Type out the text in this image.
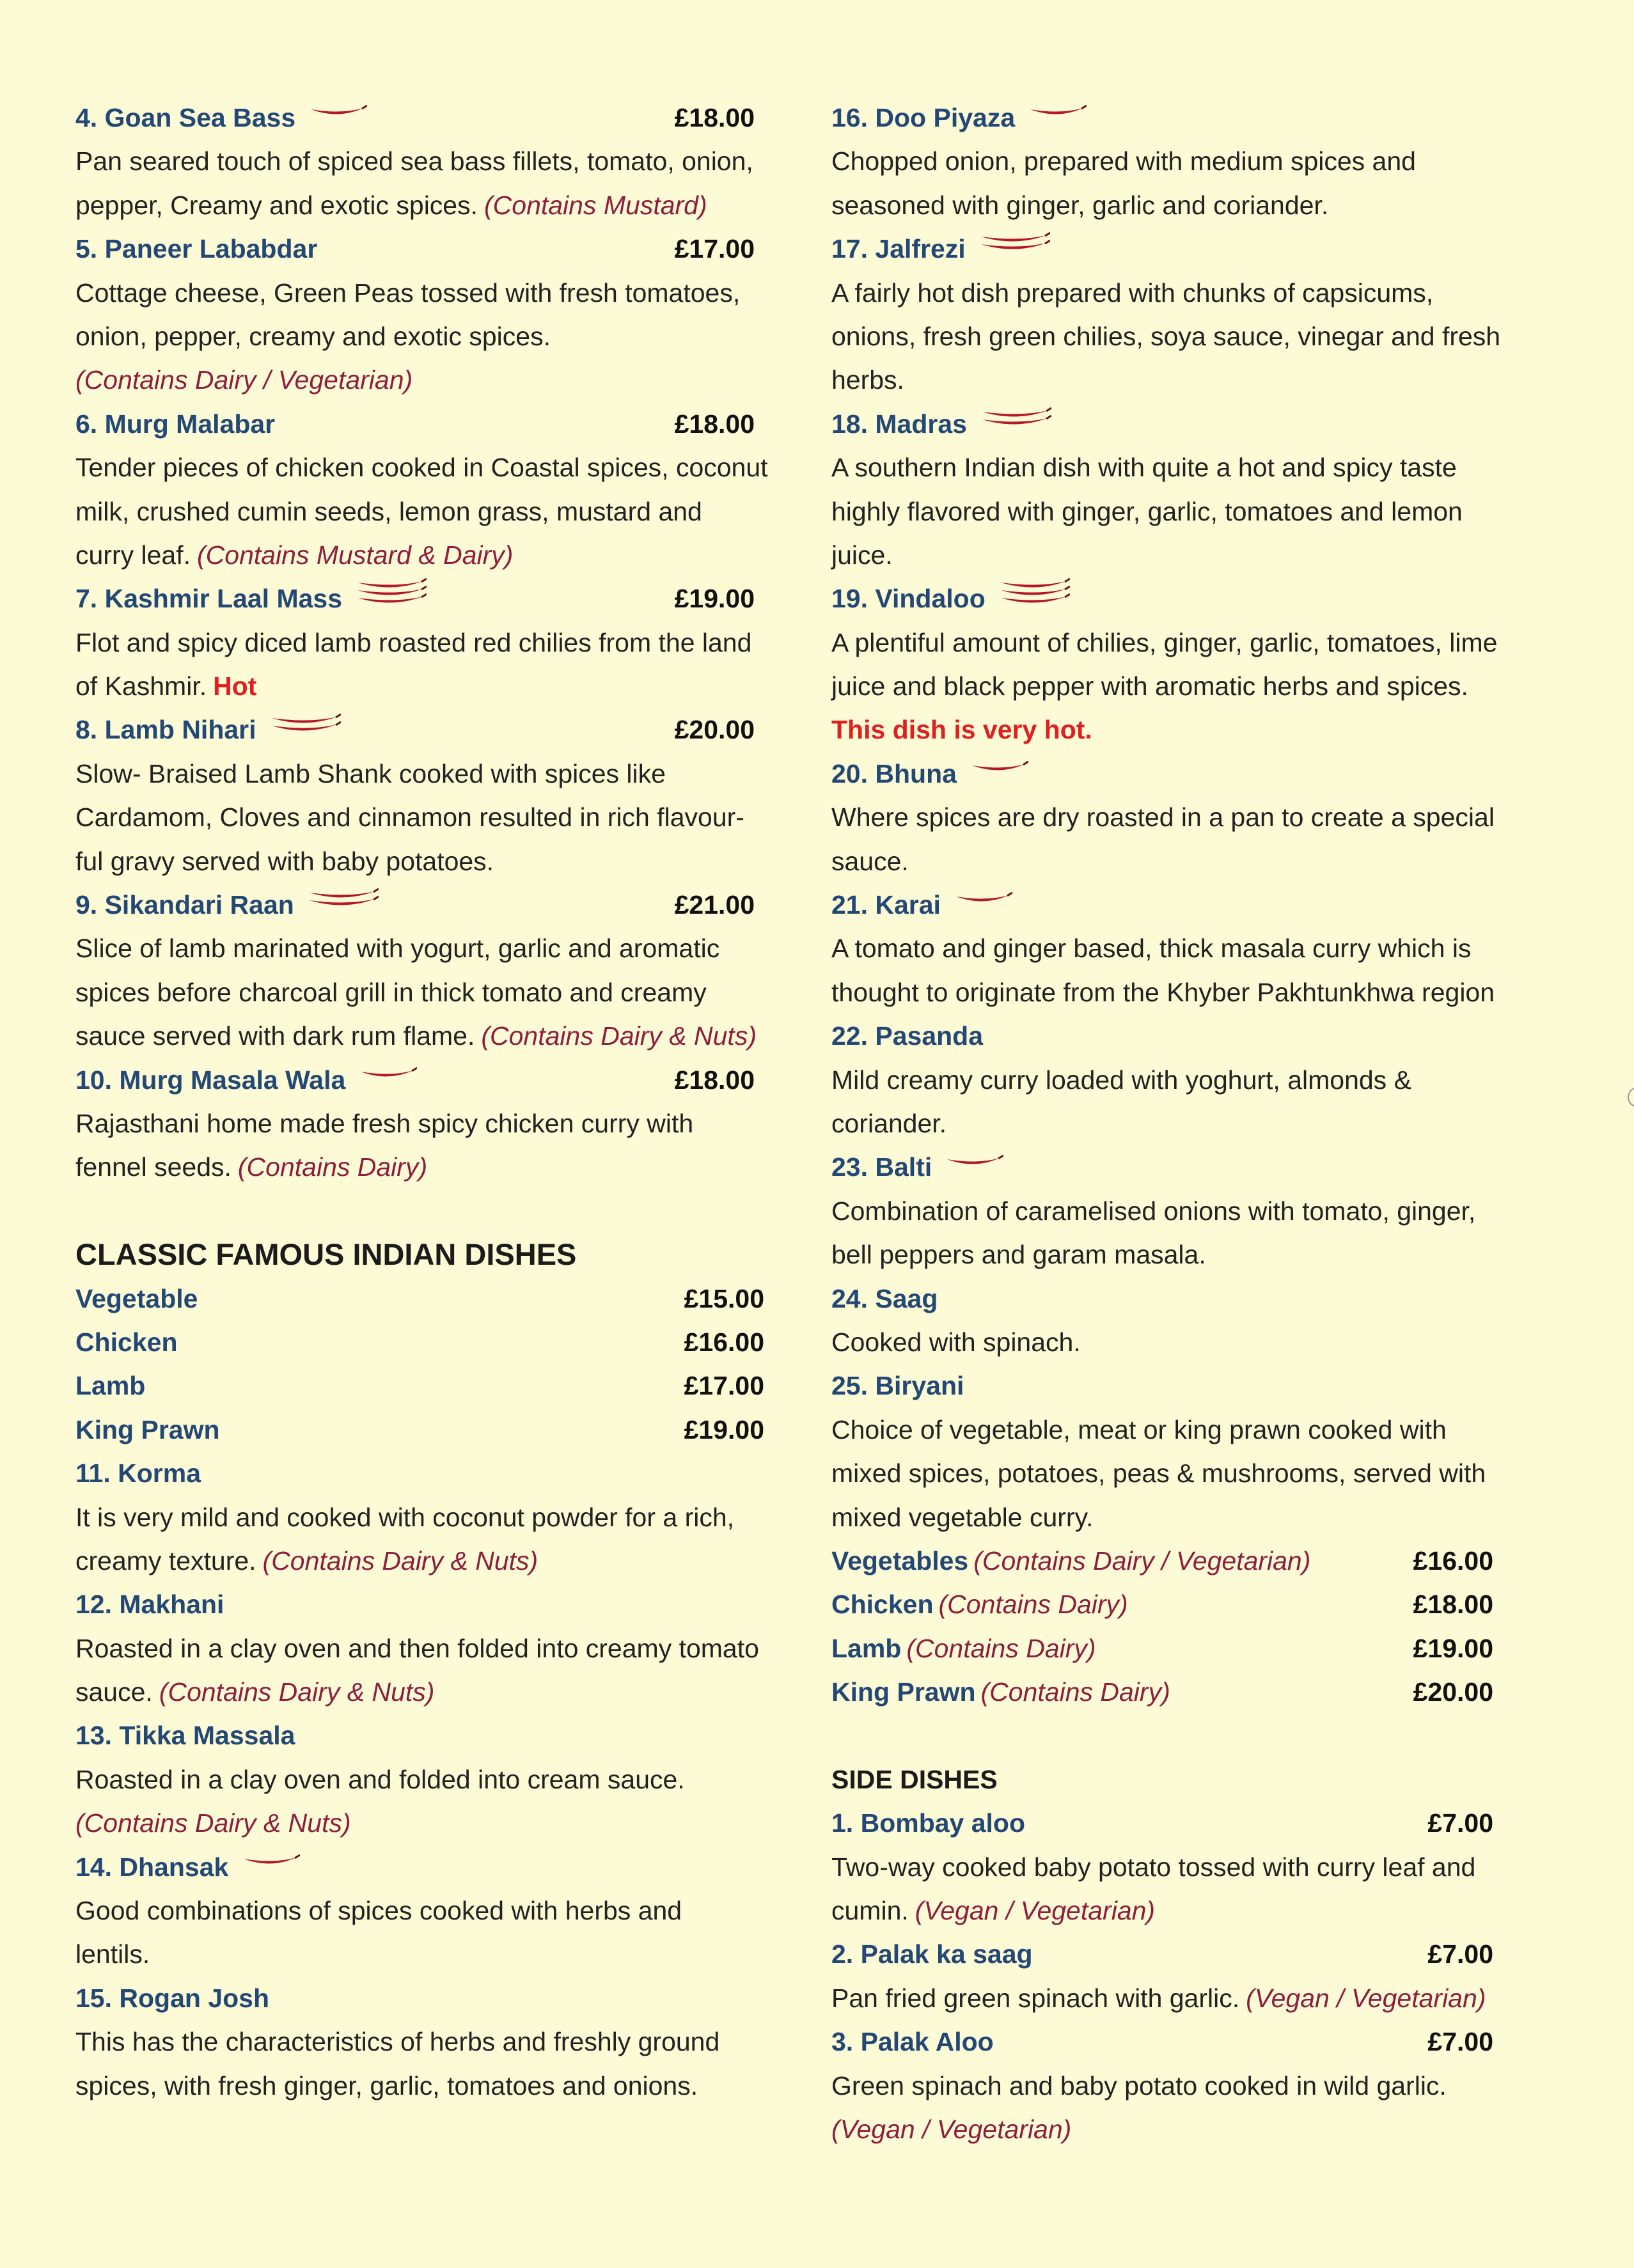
4. Goan Sea Bass	£18.00
Pan seared touch of spiced sea bass fillets, tomato, onion,
pepper, Creamy and exotic spices. (Contains Mustard)
5. Paneer Lababdar	£17.00
Cottage cheese, Green Peas tossed with fresh tomatoes,
onion, pepper, creamy and exotic spices.
(Contains Dairy / Vegetarian)
6. Murg Malabar	£18.00
Tender pieces of chicken cooked in Coastal spices, coconut
milk, crushed cumin seeds, lemon grass, mustard and
curry leaf. (Contains Mustard & Dairy)
7. Kashmir Laal Mass	£19.00
Flot and spicy diced lamb roasted red chilies from the land
of Kashmir. Hot
8. Lamb Nihari	£20.00
Slow- Braised Lamb Shank cooked with spices like
Cardamom, Cloves and cinnamon resulted in rich flavour-
ful gravy served with baby potatoes.
9. Sikandari Raan	£21.00
Slice of lamb marinated with yogurt, garlic and aromatic
spices before charcoal grill in thick tomato and creamy
sauce served with dark rum flame. (Contains Dairy & Nuts)
10. Murg Masala Wala	£18.00
Rajasthani home made fresh spicy chicken curry with
fennel seeds. (Contains Dairy)
CLASSIC FAMOUS INDIAN DISHES
Vegetable	£15.00
Chicken	£16.00
Lamb	£17.00
King Prawn	£19.00
11. Korma
It is very mild and cooked with coconut powder for a rich,
creamy texture. (Contains Dairy & Nuts)
12. Makhani
Roasted in a clay oven and then folded into creamy tomato
sauce. (Contains Dairy & Nuts)
13. Tikka Massala
Roasted in a clay oven and folded into cream sauce.
(Contains Dairy & Nuts)
14. Dhansak
Good combinations of spices cooked with herbs and
lentils.
15. Rogan Josh
This has the characteristics of herbs and freshly ground
spices, with fresh ginger, garlic, tomatoes and onions.
16. Doo Piyaza
Chopped onion, prepared with medium spices and
seasoned with ginger, garlic and coriander.
17. Jalfrezi
A fairly hot dish prepared with chunks of capsicums,
onions, fresh green chilies, soya sauce, vinegar and fresh
herbs.
18. Madras
A southern Indian dish with quite a hot and spicy taste
highly flavored with ginger, garlic, tomatoes and lemon
juice.
19. Vindaloo
A plentiful amount of chilies, ginger, garlic, tomatoes, lime
juice and black pepper with aromatic herbs and spices.
This dish is very hot.
20. Bhuna
Where spices are dry roasted in a pan to create a special
sauce.
21. Karai
A tomato and ginger based, thick masala curry which is
thought to originate from the Khyber Pakhtunkhwa region
22. Pasanda
Mild creamy curry loaded with yoghurt, almonds &
coriander.
23. Balti
Combination of caramelised onions with tomato, ginger,
bell peppers and garam masala.
24. Saag
Cooked with spinach.
25. Biryani
Choice of vegetable, meat or king prawn cooked with
mixed spices, potatoes, peas & mushrooms, served with
mixed vegetable curry.
Vegetables (Contains Dairy / Vegetarian)	£16.00
Chicken (Contains Dairy)	£18.00
Lamb (Contains Dairy)	£19.00
King Prawn (Contains Dairy)	£20.00
SIDE DISHES
1. Bombay aloo	£7.00
Two-way cooked baby potato tossed with curry leaf and
cumin. (Vegan / Vegetarian)
2. Palak ka saag	£7.00
Pan fried green spinach with garlic. (Vegan / Vegetarian)
3. Palak Aloo	£7.00
Green spinach and baby potato cooked in wild garlic.
(Vegan / Vegetarian)
